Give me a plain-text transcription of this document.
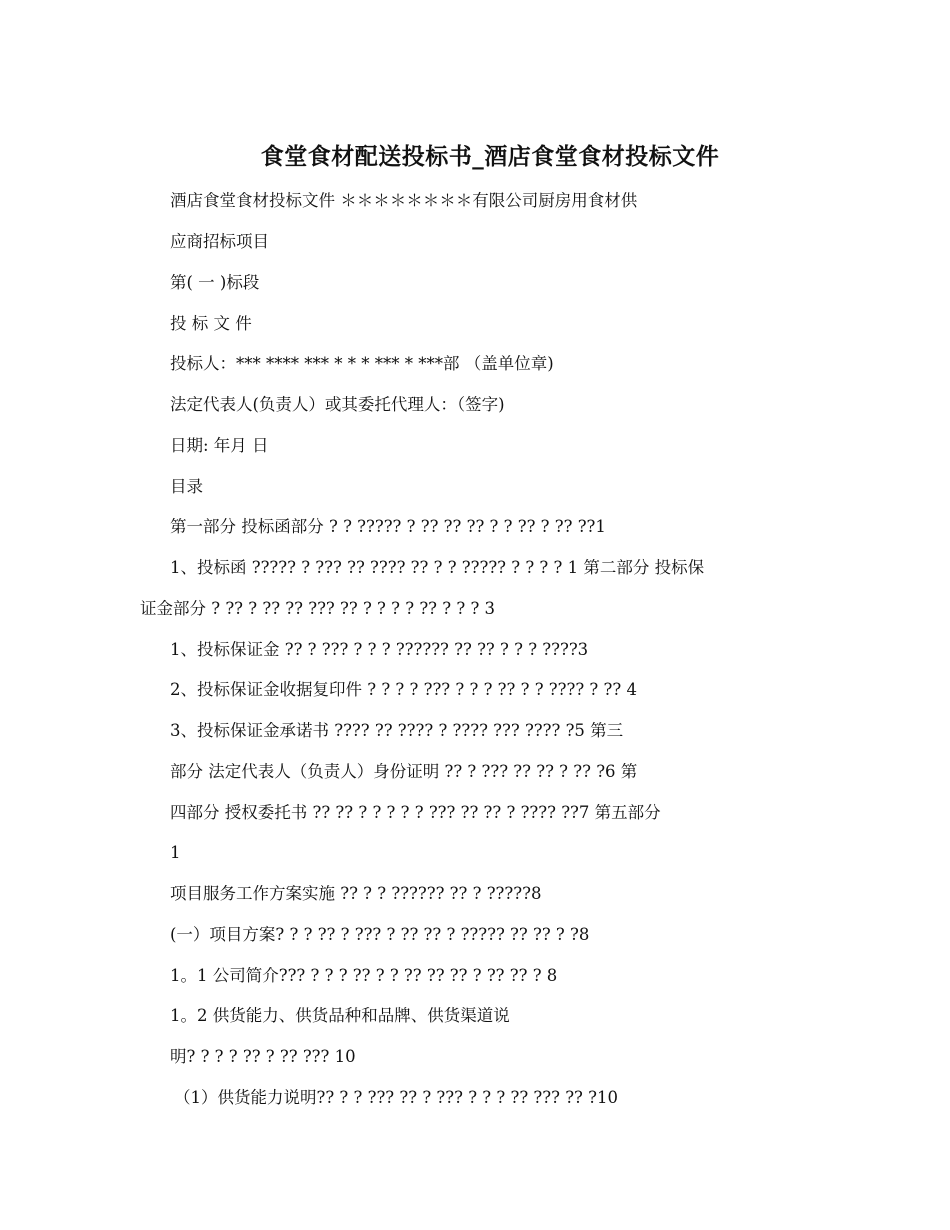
食堂食材配送投标书_酒店食堂食材投标文件
酒店食堂食材投标文件 ＊＊＊＊＊＊＊＊有限公司厨房用食材供
应商招标项目
第( 一 )标段
投 标 文 件
投标人：*** **** *** * * * *** * ***部 （盖单位章)
法定代表人(负责人）或其委托代理人：（签字)
日期: 年月 日
目录
第一部分 投标函部分 ? ? ????? ? ?? ?? ?? ? ? ?? ? ?? ??1
1、投标函 ????? ? ??? ?? ???? ?? ? ? ????? ? ? ? ? 1 第二部分 投标保
证金部分 ? ?? ? ?? ?? ??? ?? ? ? ? ? ?? ? ? ? 3
1、投标保证金 ?? ? ??? ? ? ? ?????? ?? ?? ? ? ? ????3
2、投标保证金收据复印件 ? ? ? ? ??? ? ? ? ?? ? ? ???? ? ?? 4
3、投标保证金承诺书 ???? ?? ???? ? ???? ??? ???? ?5 第三
部分 法定代表人（负责人）身份证明 ?? ? ??? ?? ?? ? ?? ?6 第
四部分 授权委托书 ?? ?? ? ? ? ? ? ??? ?? ?? ? ???? ??7 第五部分
1
项目服务工作方案实施 ?? ? ? ?????? ?? ? ?????8
(一）项目方案? ? ? ?? ? ??? ? ?? ?? ? ????? ?? ?? ? ?8
1。1 公司简介??? ? ? ? ?? ? ? ?? ?? ?? ? ?? ?? ? 8
1。2 供货能力、供货品种和品牌、供货渠道说
明? ? ? ? ?? ? ?? ??? 10
（1）供货能力说明?? ? ? ??? ?? ? ??? ? ? ? ?? ??? ?? ?10
